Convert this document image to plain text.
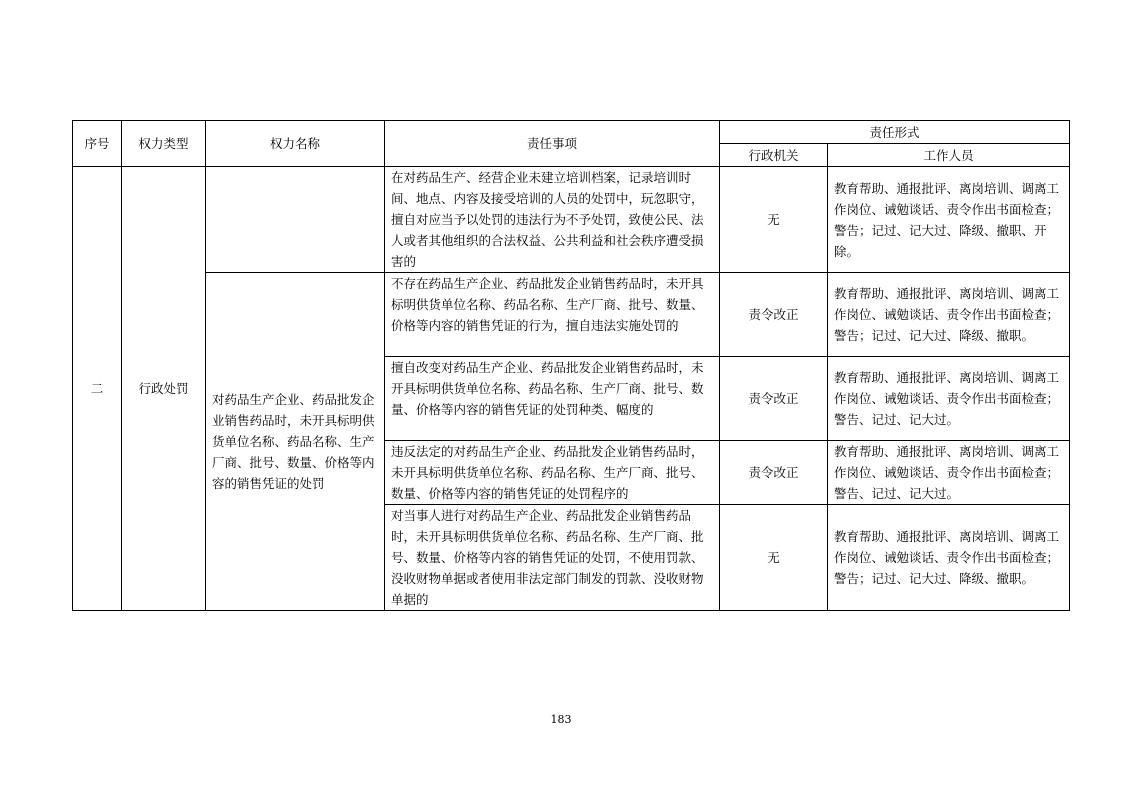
序号	权力类型	权力名称	责任事项	责任形式	
				行政机关	工作人员
二	行政处罚		在对药品生产、经营企业未建立培训档案，记录培训时间、地点、内容及接受培训的人员的处罚中，玩忽职守，擅自对应当予以处罚的违法行为不予处罚，致使公民、法人或者其他组织的合法权益、公共利益和社会秩序遭受损害的	无	教育帮助、通报批评、离岗培训、调离工作岗位、诫勉谈话、责令作出书面检查；警告；记过、记大过、降级、撤职、开除。
		对药品生产企业、药品批发企业销售药品时，未开具标明供货单位名称、药品名称、生产厂商、批号、数量、价格等内容的销售凭证的处罚	不存在药品生产企业、药品批发企业销售药品时，未开具标明供货单位名称、药品名称、生产厂商、批号、数量、价格等内容的销售凭证的行为，擅自违法实施处罚的	责令改正	教育帮助、通报批评、离岗培训、调离工作岗位、诫勉谈话、责令作出书面检查；警告；记过、记大过、降级、撤职。
			擅自改变对药品生产企业、药品批发企业销售药品时，未开具标明供货单位名称、药品名称、生产厂商、批号、数量、价格等内容的销售凭证的处罚种类、幅度的	责令改正	教育帮助、通报批评、离岗培训、调离工作岗位、诫勉谈话、责令作出书面检查；警告、记过、记大过。
			违反法定的对药品生产企业、药品批发企业销售药品时，未开具标明供货单位名称、药品名称、生产厂商、批号、数量、价格等内容的销售凭证的处罚程序的	责令改正	教育帮助、通报批评、离岗培训、调离工作岗位、诫勉谈话、责令作出书面检查；警告、记过、记大过。
			对当事人进行对药品生产企业、药品批发企业销售药品时，未开具标明供货单位名称、药品名称、生产厂商、批号、数量、价格等内容的销售凭证的处罚，不使用罚款、没收财物单据或者使用非法定部门制发的罚款、没收财物单据的	无	教育帮助、通报批评、离岗培训、调离工作岗位、诫勉谈话、责令作出书面检查；警告；记过、记大过、降级、撤职。
183
